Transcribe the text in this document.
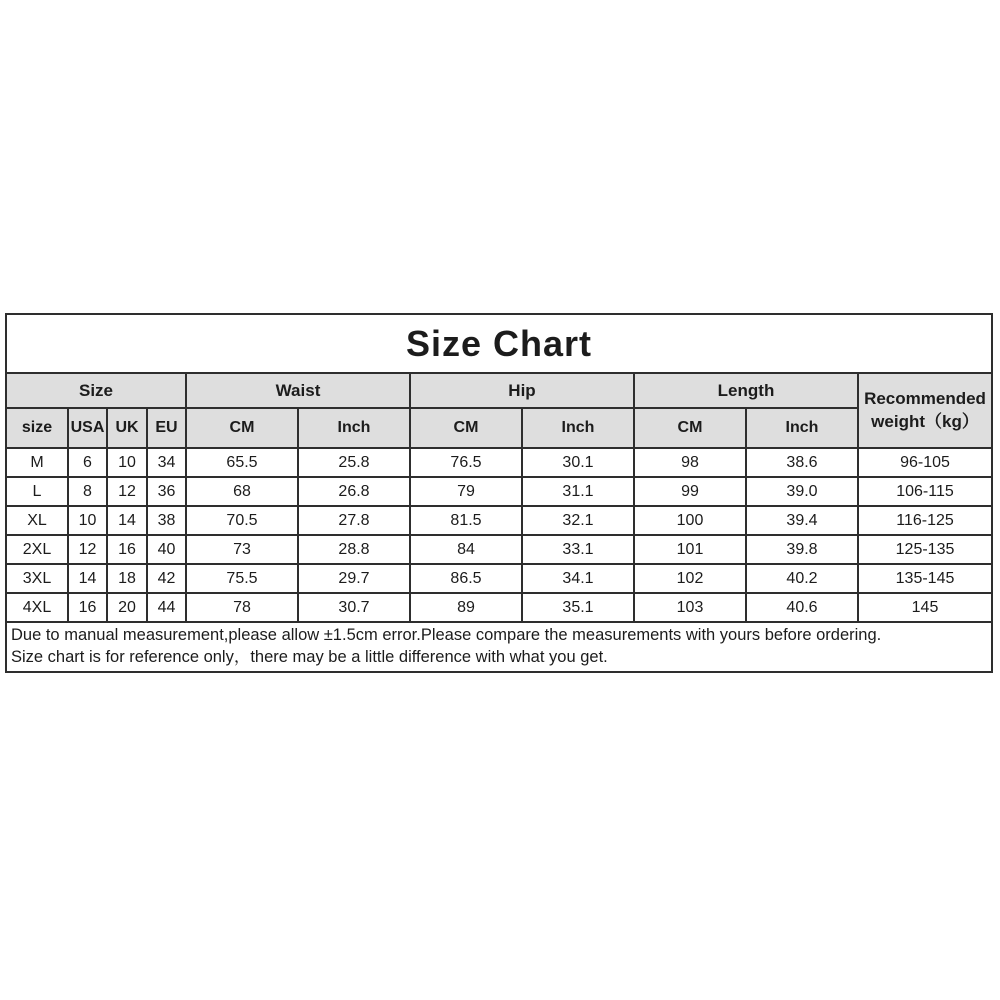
Size Chart										

Size				Waist		Hip		Length		Recommended weight（kg）
size	USA	UK	EU	CM	Inch	CM	Inch	CM	Inch	
M	6	10	34	65.5	25.8	76.5	30.1	98	38.6	96-105
L	8	12	36	68	26.8	79	31.1	99	39.0	106-115
XL	10	14	38	70.5	27.8	81.5	32.1	100	39.4	116-125
2XL	12	16	40	73	28.8	84	33.1	101	39.8	125-135
3XL	14	18	42	75.5	29.7	86.5	34.1	102	40.2	135-145
4XL	16	20	44	78	30.7	89	35.1	103	40.6	145

Due to manual measurement,please allow ±1.5cm error.Please compare the measurements with yours before ordering.
Size chart is for reference only，there may be a little difference with what you get.										
